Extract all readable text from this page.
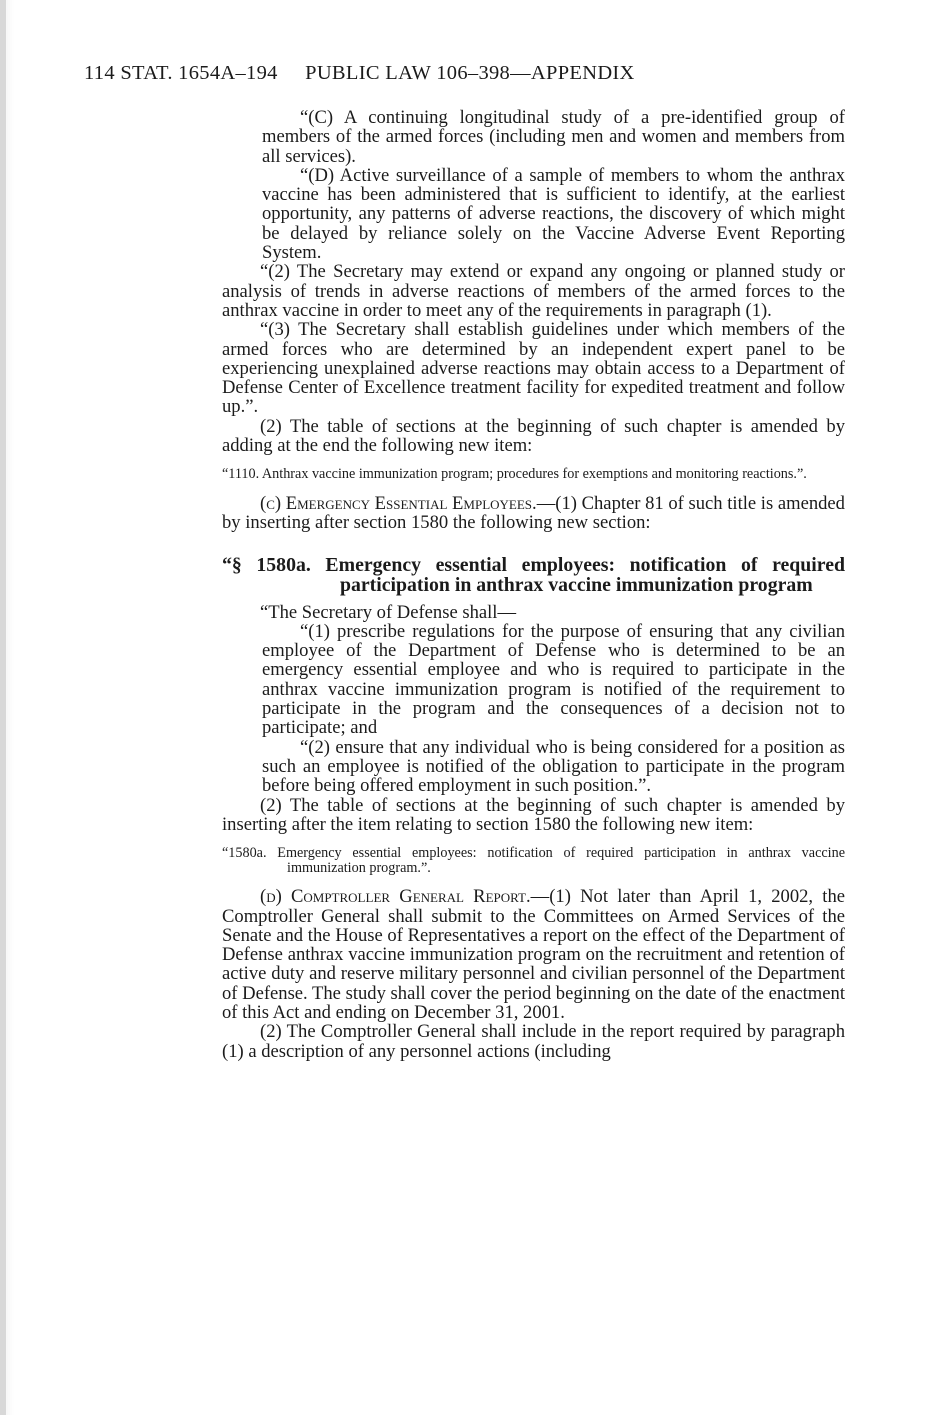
114 STAT. 1654A–194 PUBLIC LAW 106–398—APPENDIX

“(C) A continuing longitudinal study of a pre-identified group of members of the armed forces (including men and women and members from all services).

“(D) Active surveillance of a sample of members to whom the anthrax vaccine has been administered that is sufficient to identify, at the earliest opportunity, any patterns of adverse reactions, the discovery of which might be delayed by reliance solely on the Vaccine Adverse Event Reporting System.

“(2) The Secretary may extend or expand any ongoing or planned study or analysis of trends in adverse reactions of members of the armed forces to the anthrax vaccine in order to meet any of the requirements in paragraph (1).

“(3) The Secretary shall establish guidelines under which members of the armed forces who are determined by an independent expert panel to be experiencing unexplained adverse reactions may obtain access to a Department of Defense Center of Excellence treatment facility for expedited treatment and follow up.”.

(2) The table of sections at the beginning of such chapter is amended by adding at the end the following new item:

“1110. Anthrax vaccine immunization program; procedures for exemptions and monitoring reactions.”.

(c) Emergency Essential Employees.—(1) Chapter 81 of such title is amended by inserting after section 1580 the following new section:

“§ 1580a. Emergency essential employees: notification of required participation in anthrax vaccine immunization program

“The Secretary of Defense shall—

“(1) prescribe regulations for the purpose of ensuring that any civilian employee of the Department of Defense who is determined to be an emergency essential employee and who is required to participate in the anthrax vaccine immunization program is notified of the requirement to participate in the program and the consequences of a decision not to participate; and

“(2) ensure that any individual who is being considered for a position as such an employee is notified of the obligation to participate in the program before being offered employment in such position.”.

(2) The table of sections at the beginning of such chapter is amended by inserting after the item relating to section 1580 the following new item:

“1580a. Emergency essential employees: notification of required participation in anthrax vaccine immunization program.”.

(d) Comptroller General Report.—(1) Not later than April 1, 2002, the Comptroller General shall submit to the Committees on Armed Services of the Senate and the House of Representatives a report on the effect of the Department of Defense anthrax vaccine immunization program on the recruitment and retention of active duty and reserve military personnel and civilian personnel of the Department of Defense. The study shall cover the period beginning on the date of the enactment of this Act and ending on December 31, 2001.

(2) The Comptroller General shall include in the report required by paragraph (1) a description of any personnel actions (including
